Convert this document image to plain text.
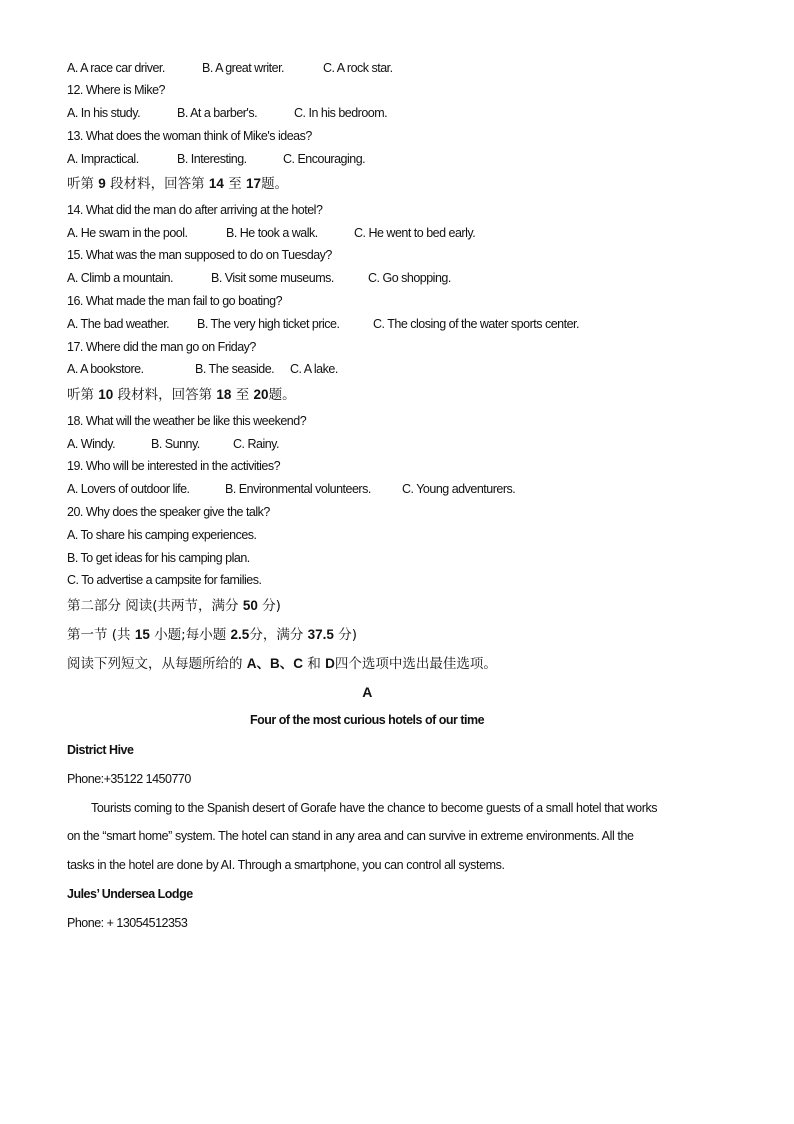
A. A race car driver.	B. A great writer.	C. A rock star.
12. Where is Mike?
A. In his study.	B. At a barber's.	C. In his bedroom.
13. What does the woman think of Mike's ideas?
A. Impractical.	B. Interesting.	C. Encouraging.
听第 9 段材料，回答第 14 至 17题。
14. What did the man do after arriving at the hotel?
A. He swam in the pool.	B. He took a walk.	C. He went to bed early.
15. What was the man supposed to do on Tuesday?
A. Climb a mountain.	B. Visit some museums.	C. Go shopping.
16. What made the man fail to go boating?
A. The bad weather. B. The very high ticket price.	C. The closing of the water sports center.
17. Where did the man go on Friday?
A. A bookstore.	B. The seaside. C. A lake.
听第 10 段材料，回答第 18 至 20题。
18. What will the weather be like this weekend?
A. Windy.	B. Sunny.	C. Rainy.
19. Who will be interested in the activities?
A. Lovers of outdoor life.	B. Environmental volunteers. C. Young adventurers.
20. Why does the speaker give the talk?
A. To share his camping experiences.
B. To get ideas for his camping plan.
C. To advertise a campsite for families.
第二部分 阅读(共两节，满分 50 分)
第一节 (共 15 小题;每小题 2.5分，满分 37.5 分)
阅读下列短文，从每题所给的 A、B、C 和 D四个选项中选出最佳选项。
A
Four of the most curious hotels of our time
District Hive
Phone:+35122 1450770
Tourists coming to the Spanish desert of Gorafe have the chance to become guests of a small hotel that works
on the “smart home” system. The hotel can stand in any area and can survive in extreme environments. All the
tasks in the hotel are done by AI. Through a smartphone, you can control all systems.
Jules’ Undersea Lodge
Phone: + 13054512353
